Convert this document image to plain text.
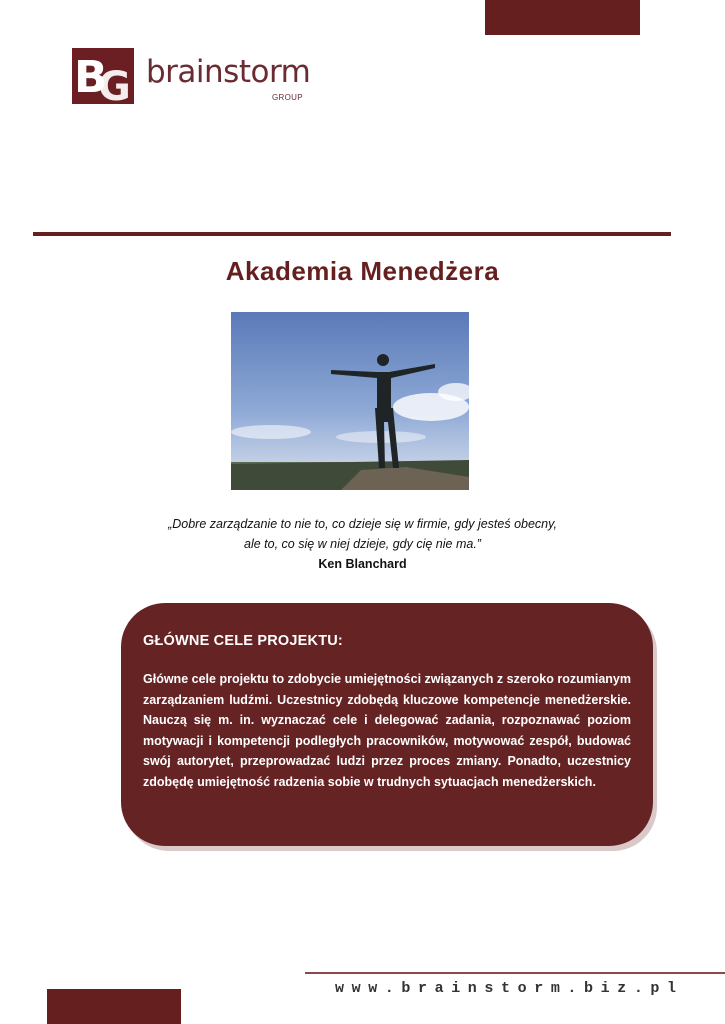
B
G brainstorm
GROUP
Akademia Menedżera
„Dobre zarządzanie to nie to, co dzieje się w firmie, gdy jesteś obecny,
ale to, co się w niej dzieje, gdy cię nie ma.”
Ken Blanchard
GŁÓWNE CELE PROJEKTU:
Główne cele projektu to zdobycie umiejętności związanych z szeroko rozumianym zarządzaniem ludźmi. Uczestnicy zdobędą kluczowe kompetencje menedżerskie. Nauczą się m. in. wyznaczać cele i delegować zadania, rozpoznawać poziom motywacji i kompetencji podległych pracowników, motywować zespół, budować swój autorytet, przeprowadzać ludzi przez proces zmiany. Ponadto, uczestnicy zdobędę umiejętność radzenia sobie w trudnych sytuacjach menedżerskich.
www.brainstorm.biz.pl
